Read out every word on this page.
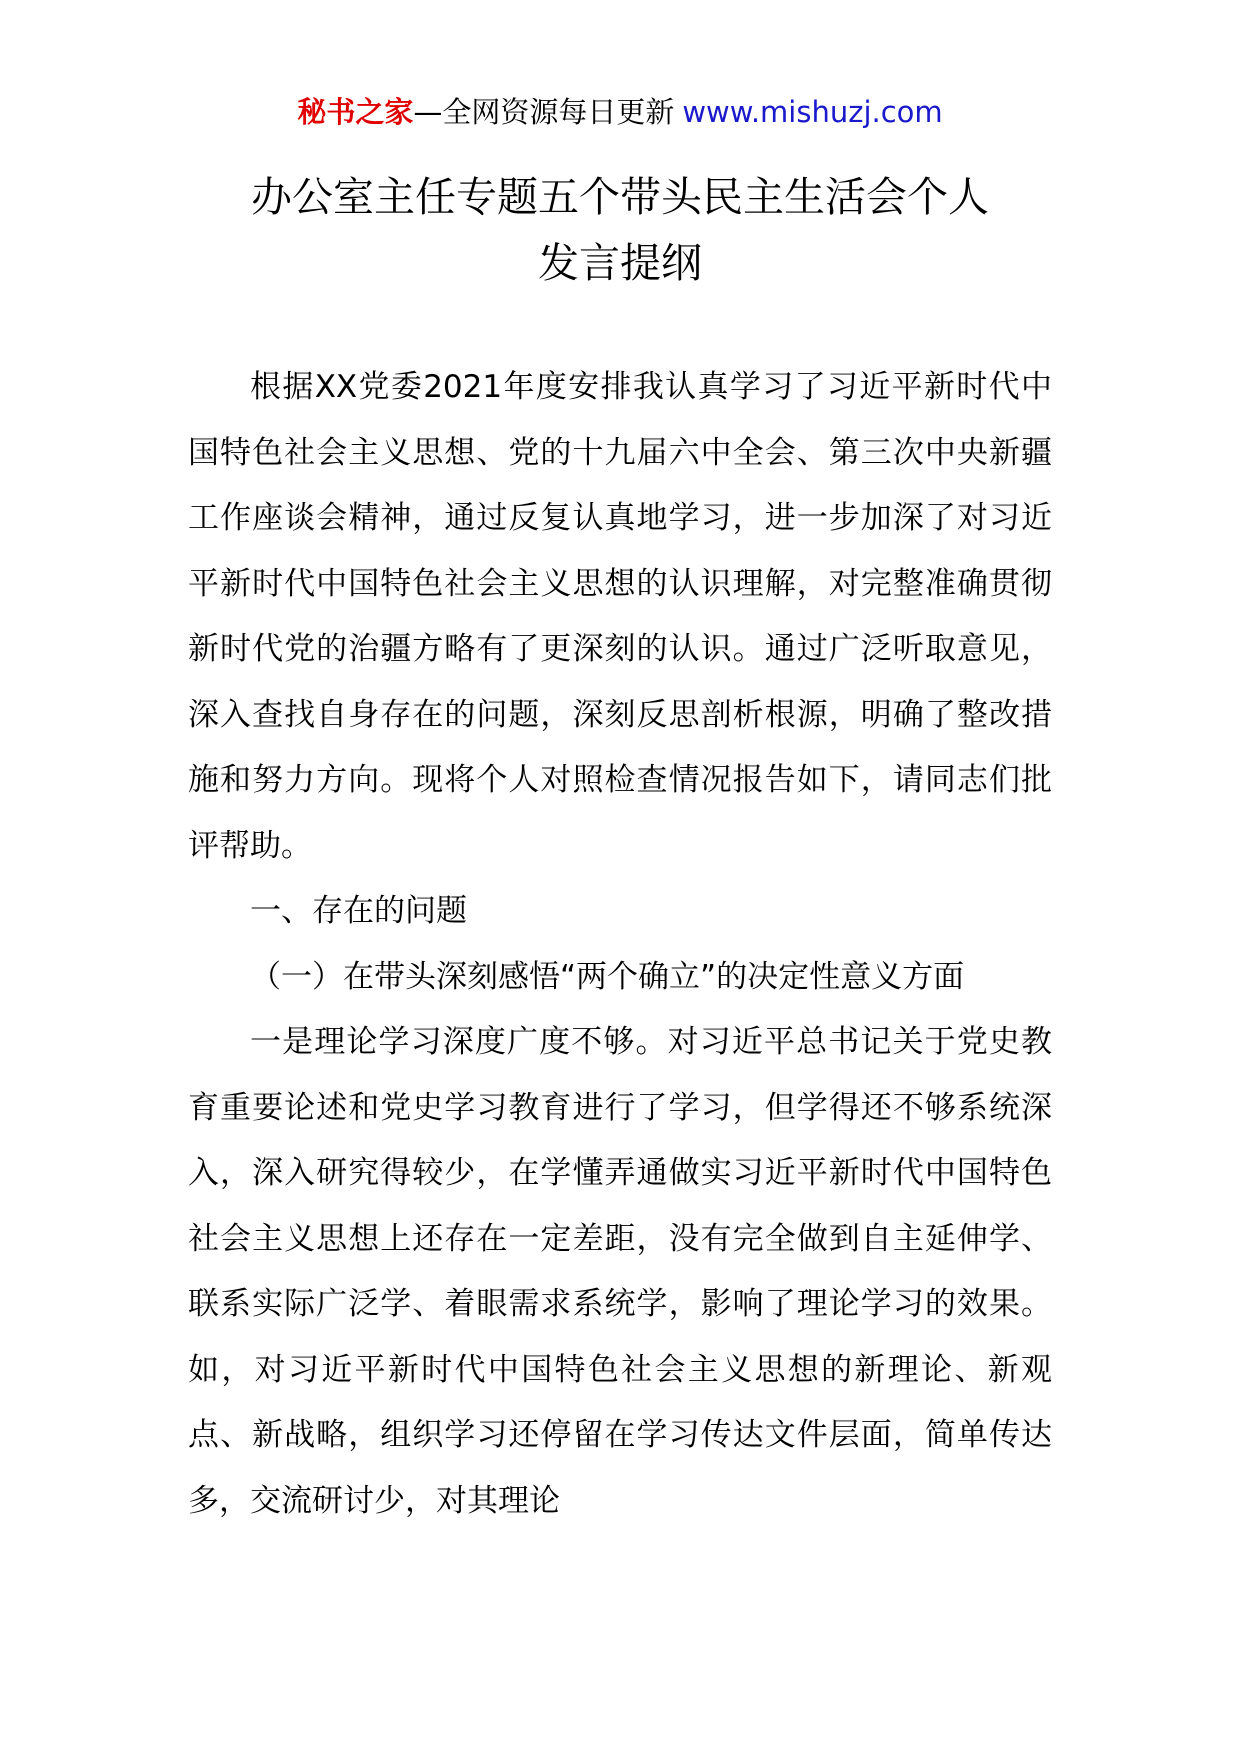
秘书之家—全网资源每日更新 www.mishuzj.com
办公室主任专题五个带头民主生活会个人
发言提纲

根据XX党委2021年度安排我认真学习了习近平新时代中国特色社会主义思想、党的十九届六中全会、第三次中央新疆工作座谈会精神，通过反复认真地学习，进一步加深了对习近平新时代中国特色社会主义思想的认识理解，对完整准确贯彻新时代党的治疆方略有了更深刻的认识。通过广泛听取意见，深入查找自身存在的问题，深刻反思剖析根源，明确了整改措施和努力方向。现将个人对照检查情况报告如下，请同志们批评帮助。

一、存在的问题

（一）在带头深刻感悟“两个确立”的决定性意义方面

一是理论学习深度广度不够。对习近平总书记关于党史教育重要论述和党史学习教育进行了学习，但学得还不够系统深入，深入研究得较少，在学懂弄通做实习近平新时代中国特色社会主义思想上还存在一定差距，没有完全做到自主延伸学、联系实际广泛学、着眼需求系统学，影响了理论学习的效果。如，对习近平新时代中国特色社会主义思想的新理论、新观点、新战略，组织学习还停留在学习传达文件层面，简单传达多，交流研讨少，对其理论
